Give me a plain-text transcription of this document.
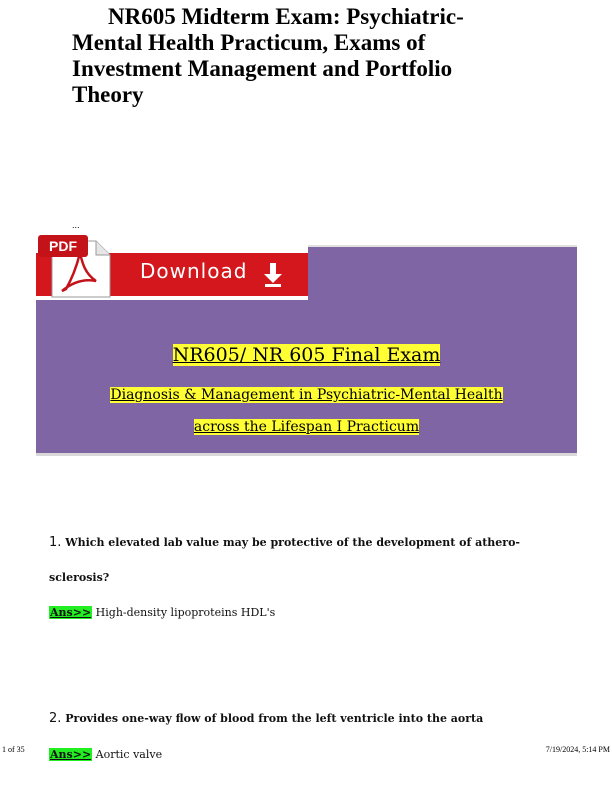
NR605 Midterm Exam: Psychiatric-Mental Health Practicum, Exams of Investment Management and Portfolio Theory
...
NR605/ NR 605 Final Exam
Diagnosis & Management in Psychiatric-Mental Health
across the Lifespan I Practicum
Download
PDF
1. Which elevated lab value may be protective of the development of athero-
sclerosis?
Ans>> High-density lipoproteins HDL's
2. Provides one-way flow of blood from the left ventricle into the aorta
Ans>> Aortic valve
1 of 35	7/19/2024, 5:14 PM
